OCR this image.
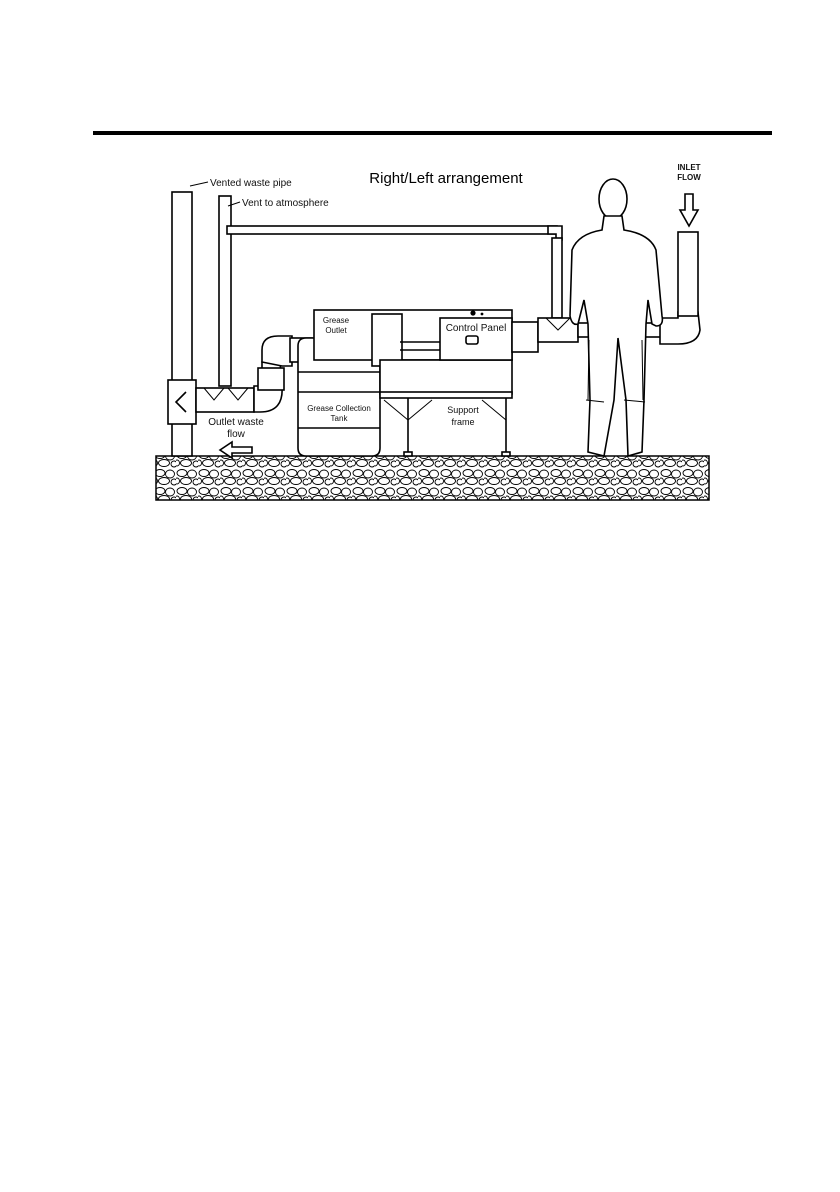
Right/Left arrangement
Vented waste pipe
Vent to atmosphere
INLET
FLOW
Grease
Outlet	Control Panel
Grease Collection
Tank
Support
frame
Outlet waste
flow
